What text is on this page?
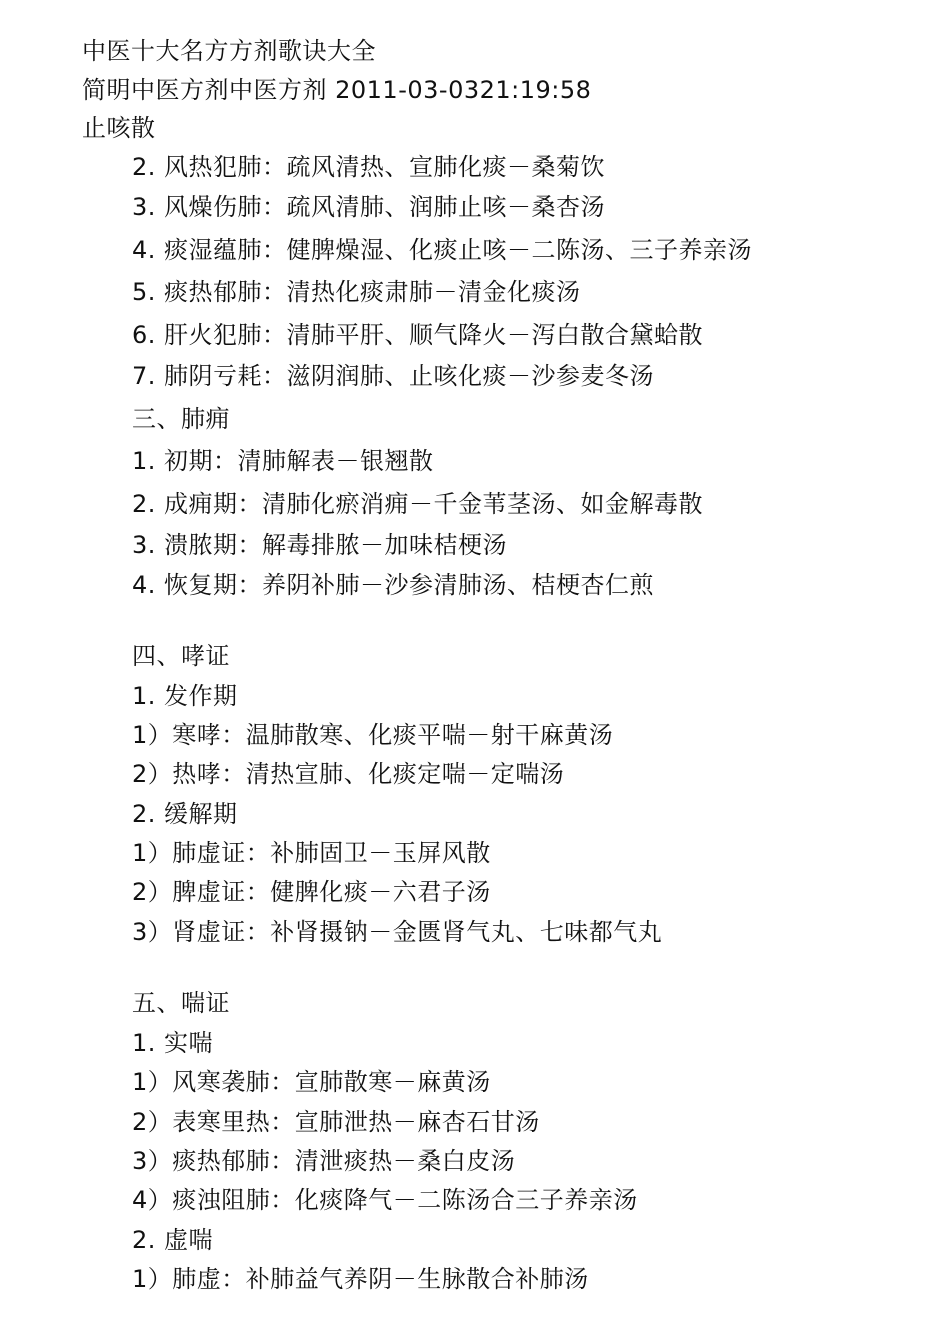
中医十大名方方剂歌诀大全
简明中医方剂中医方剂 2011-03-0321:19:58
止咳散
2. 风热犯肺：疏风清热、宣肺化痰－桑菊饮
3. 风燥伤肺：疏风清肺、润肺止咳－桑杏汤
4. 痰湿蕴肺：健脾燥湿、化痰止咳－二陈汤、三子养亲汤
5. 痰热郁肺：清热化痰肃肺－清金化痰汤
6. 肝火犯肺：清肺平肝、顺气降火－泻白散合黛蛤散
7. 肺阴亏耗：滋阴润肺、止咳化痰－沙参麦冬汤
三、肺痈
1. 初期：清肺解表－银翘散
2. 成痈期：清肺化瘀消痈－千金苇茎汤、如金解毒散
3. 溃脓期：解毒排脓－加味桔梗汤
4. 恢复期：养阴补肺－沙参清肺汤、桔梗杏仁煎
四、哮证
1. 发作期
1）寒哮：温肺散寒、化痰平喘－射干麻黄汤
2）热哮：清热宣肺、化痰定喘－定喘汤
2. 缓解期
1）肺虚证：补肺固卫－玉屏风散
2）脾虚证：健脾化痰－六君子汤
3）肾虚证：补肾摄钠－金匮肾气丸、七味都气丸
五、喘证
1. 实喘
1）风寒袭肺：宣肺散寒－麻黄汤
2）表寒里热：宣肺泄热－麻杏石甘汤
3）痰热郁肺：清泄痰热－桑白皮汤
4）痰浊阻肺：化痰降气－二陈汤合三子养亲汤
2. 虚喘
1）肺虚：补肺益气养阴－生脉散合补肺汤
